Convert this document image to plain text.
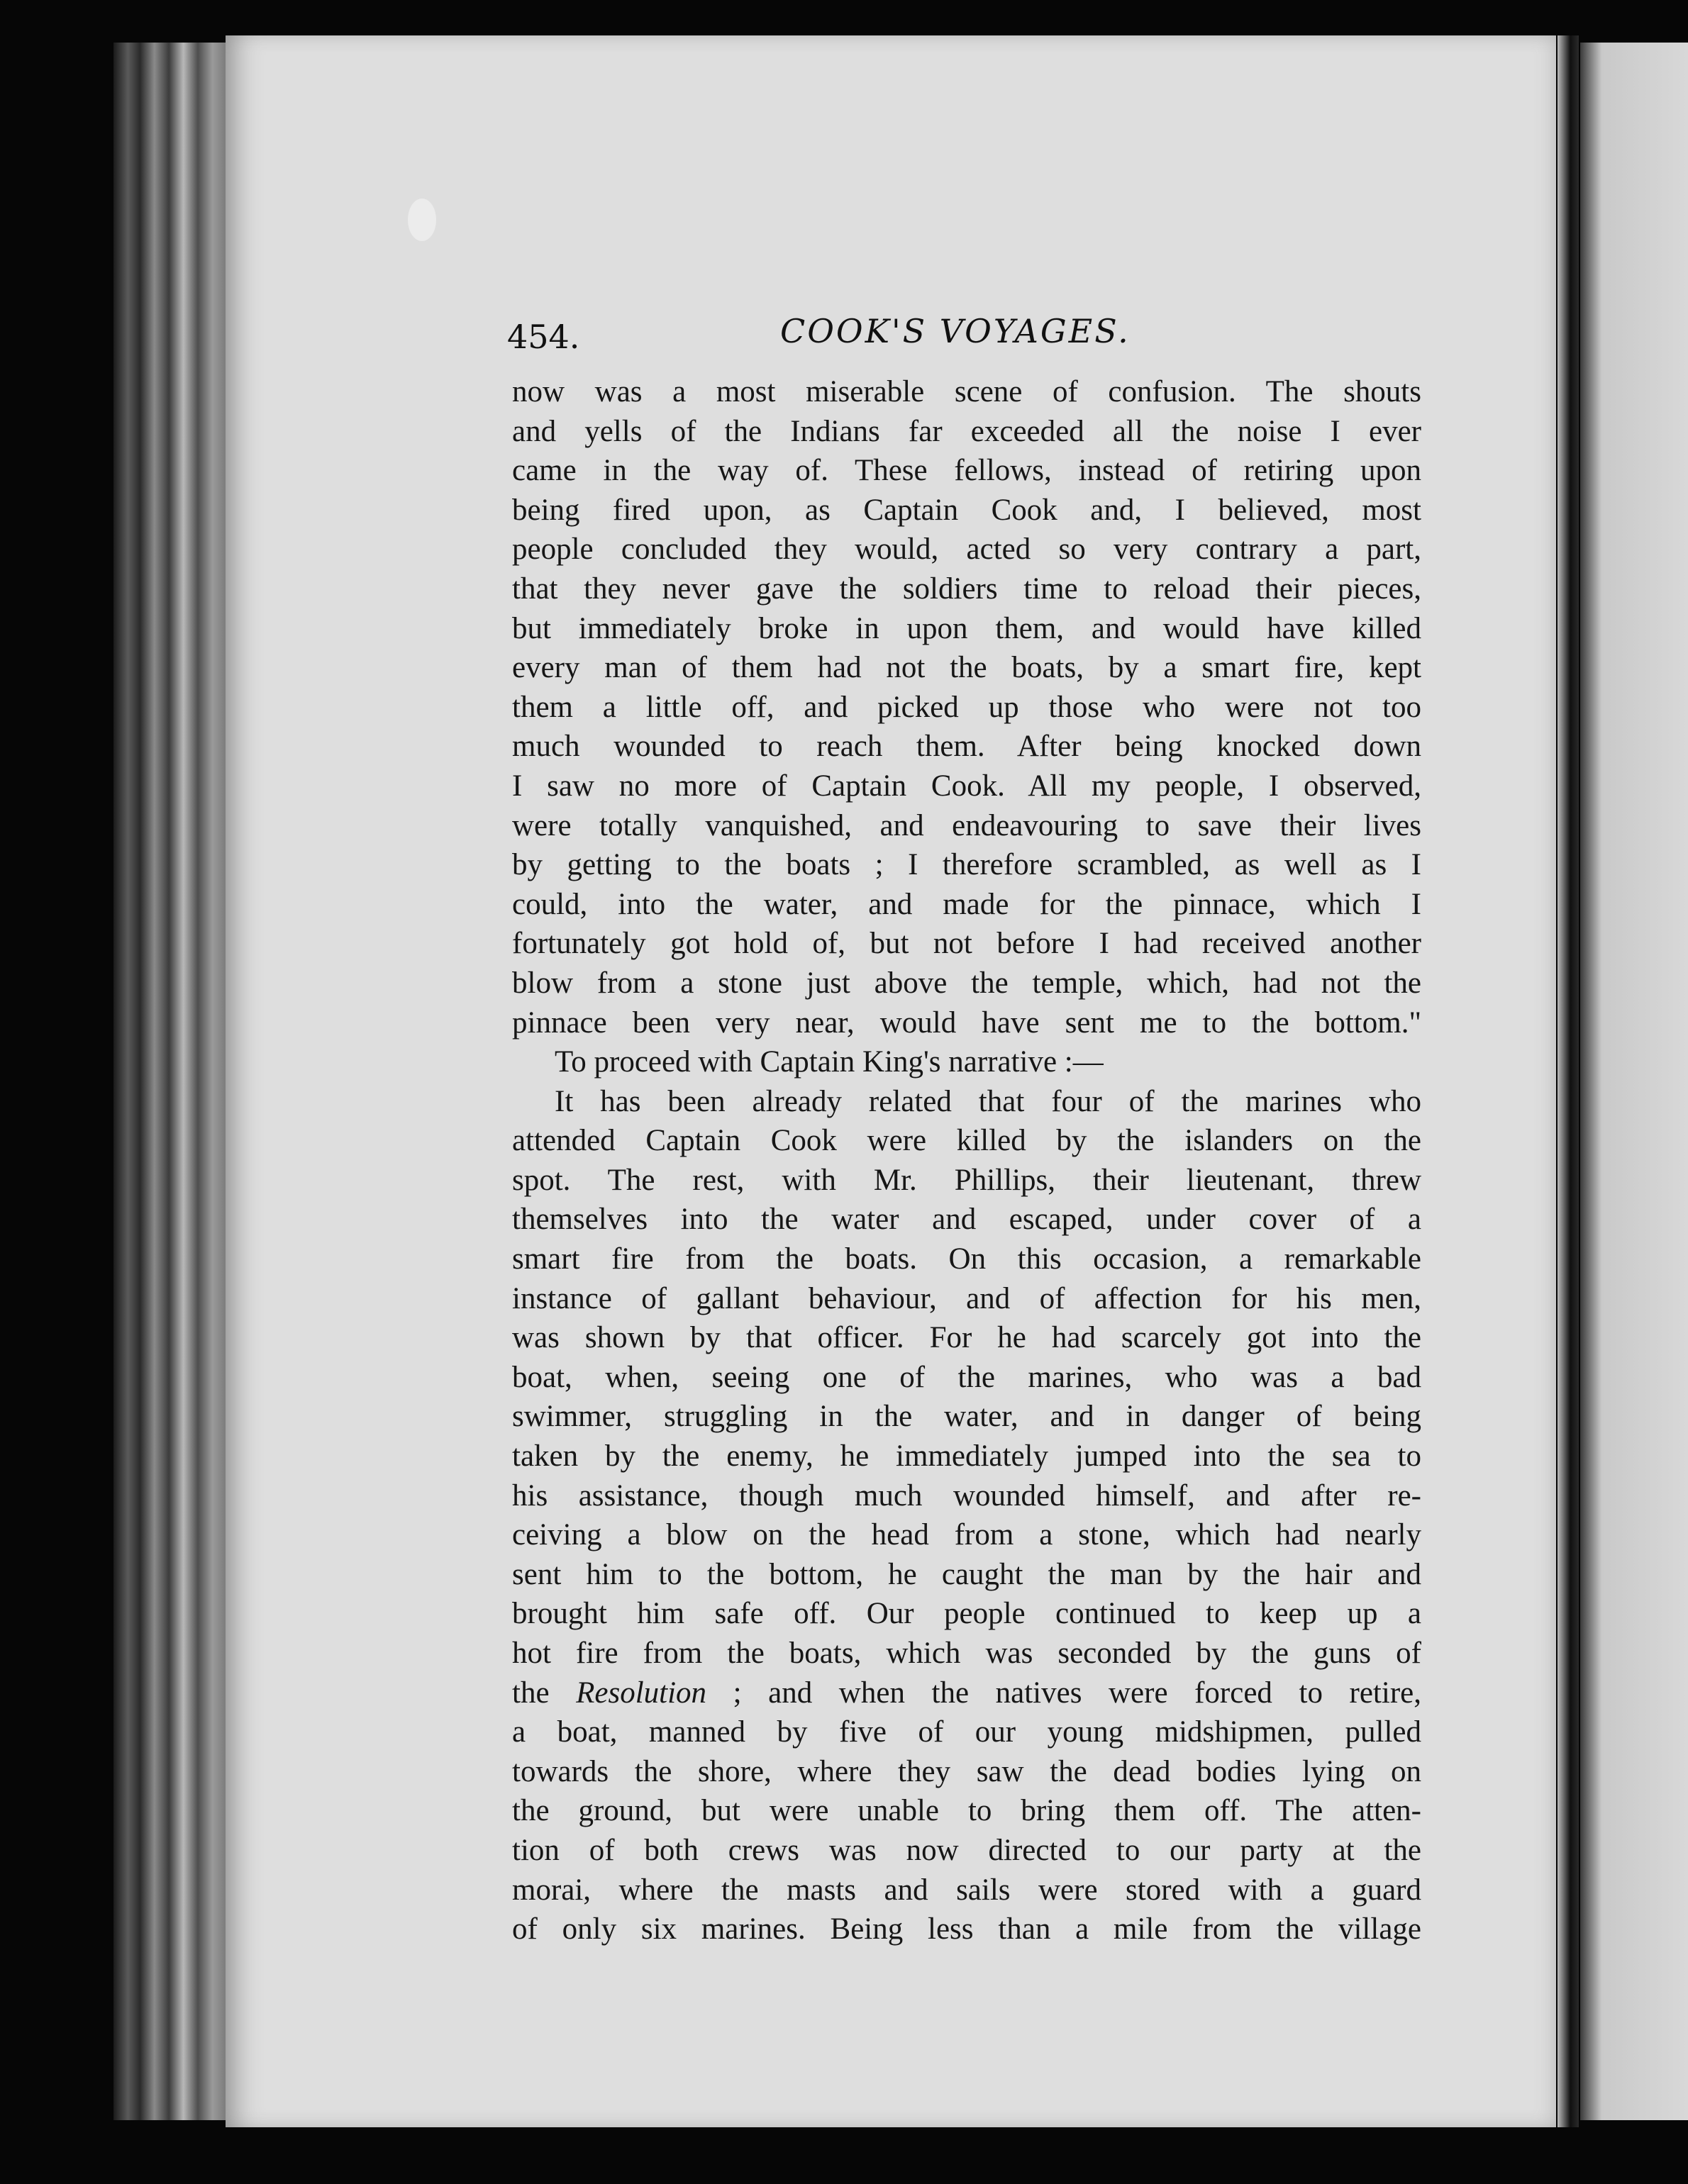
454.	COOK'S VOYAGES.
now was a most miserable scene of confusion. The shouts
and yells of the Indians far exceeded all the noise I ever
came in the way of. These fellows, instead of retiring upon
being fired upon, as Captain Cook and, I believed, most
people concluded they would, acted so very contrary a part,
that they never gave the soldiers time to reload their pieces,
but immediately broke in upon them, and would have killed
every man of them had not the boats, by a smart fire, kept
them a little off, and picked up those who were not too
much wounded to reach them. After being knocked down
I saw no more of Captain Cook. All my people, I observed,
were totally vanquished, and endeavouring to save their lives
by getting to the boats ; I therefore scrambled, as well as I
could, into the water, and made for the pinnace, which I
fortunately got hold of, but not before I had received another
blow from a stone just above the temple, which, had not the
pinnace been very near, would have sent me to the bottom."
To proceed with Captain King's narrative :—
It has been already related that four of the marines who
attended Captain Cook were killed by the islanders on the
spot. The rest, with Mr. Phillips, their lieutenant, threw
themselves into the water and escaped, under cover of a
smart fire from the boats. On this occasion, a remarkable
instance of gallant behaviour, and of affection for his men,
was shown by that officer. For he had scarcely got into the
boat, when, seeing one of the marines, who was a bad
swimmer, struggling in the water, and in danger of being
taken by the enemy, he immediately jumped into the sea to
his assistance, though much wounded himself, and after re-
ceiving a blow on the head from a stone, which had nearly
sent him to the bottom, he caught the man by the hair and
brought him safe off. Our people continued to keep up a
hot fire from the boats, which was seconded by the guns of
the Resolution ; and when the natives were forced to retire,
a boat, manned by five of our young midshipmen, pulled
towards the shore, where they saw the dead bodies lying on
the ground, but were unable to bring them off. The atten-
tion of both crews was now directed to our party at the
morai, where the masts and sails were stored with a guard
of only six marines. Being less than a mile from the village
